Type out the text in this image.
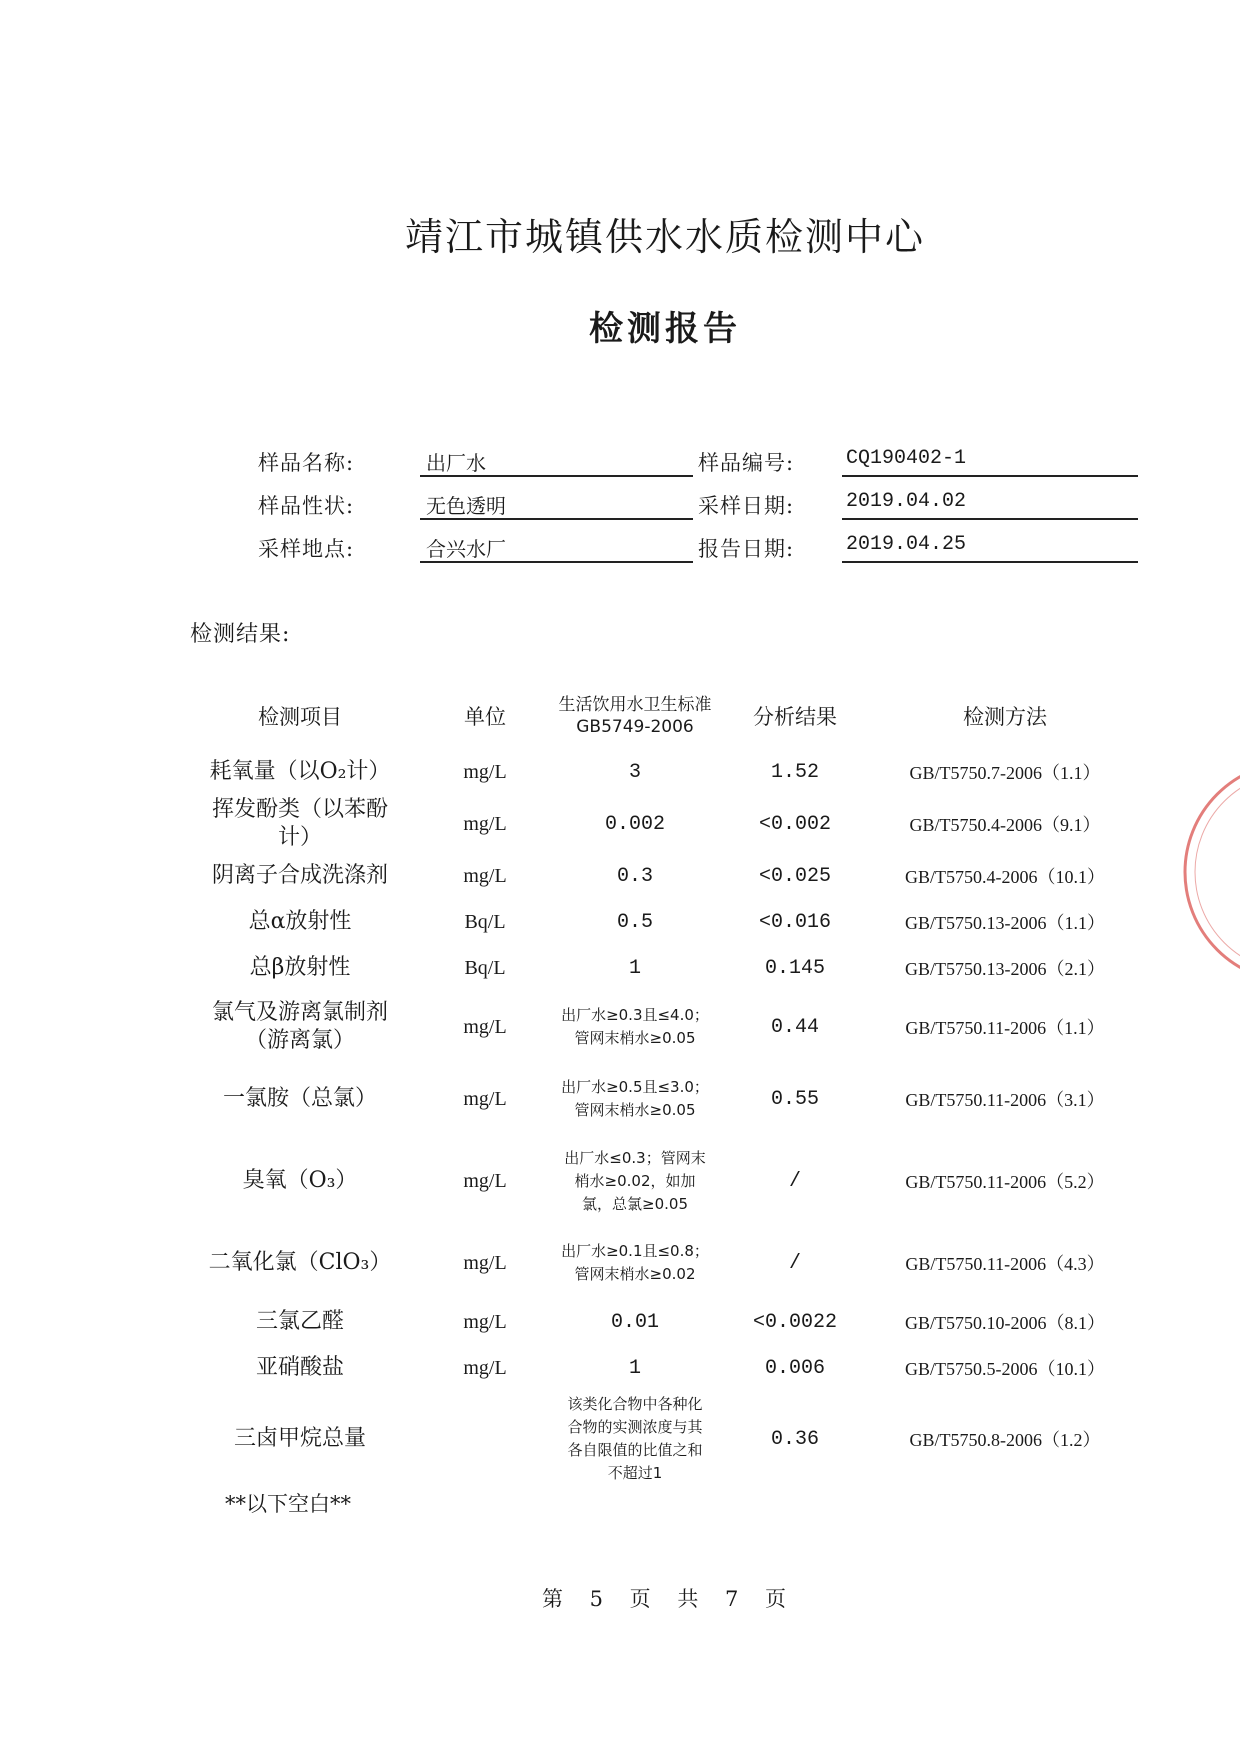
靖江市城镇供水水质检测中心
检测报告
样品名称:	出厂水	样品编号:	CQ190402-1
样品性状:	无色透明	采样日期:	2019.04.02
采样地点:	合兴水厂	报告日期:	2019.04.25
检测结果:
检测项目	单位	生活饮用水卫生标准GB5749-2006	分析结果	检测方法
耗氧量（以O₂计）	mg/L	3	1.52	GB/T5750.7-2006（1.1）
挥发酚类（以苯酚计）	mg/L	0.002	<0.002	GB/T5750.4-2006（9.1）
阴离子合成洗涤剂	mg/L	0.3	<0.025	GB/T5750.4-2006（10.1）
总α放射性	Bq/L	0.5	<0.016	GB/T5750.13-2006（1.1）
总β放射性	Bq/L	1	0.145	GB/T5750.13-2006（2.1）
氯气及游离氯制剂（游离氯）	mg/L	出厂水≥0.3且≤4.0；管网末梢水≥0.05	0.44	GB/T5750.11-2006（1.1）
一氯胺（总氯）	mg/L	出厂水≥0.5且≤3.0；管网末梢水≥0.05	0.55	GB/T5750.11-2006（3.1）
臭氧（O₃）	mg/L	出厂水≤0.3；管网末梢水≥0.02，如加氯，总氯≥0.05	/	GB/T5750.11-2006（5.2）
二氧化氯（ClO₃）	mg/L	出厂水≥0.1且≤0.8；管网末梢水≥0.02	/	GB/T5750.11-2006（4.3）
三氯乙醛	mg/L	0.01	<0.0022	GB/T5750.10-2006（8.1）
亚硝酸盐	mg/L	1	0.006	GB/T5750.5-2006（10.1）
三卤甲烷总量		该类化合物中各种化合物的实测浓度与其各自限值的比值之和不超过1	0.36	GB/T5750.8-2006（1.2）
**以下空白**
第 5 页 共 7 页
